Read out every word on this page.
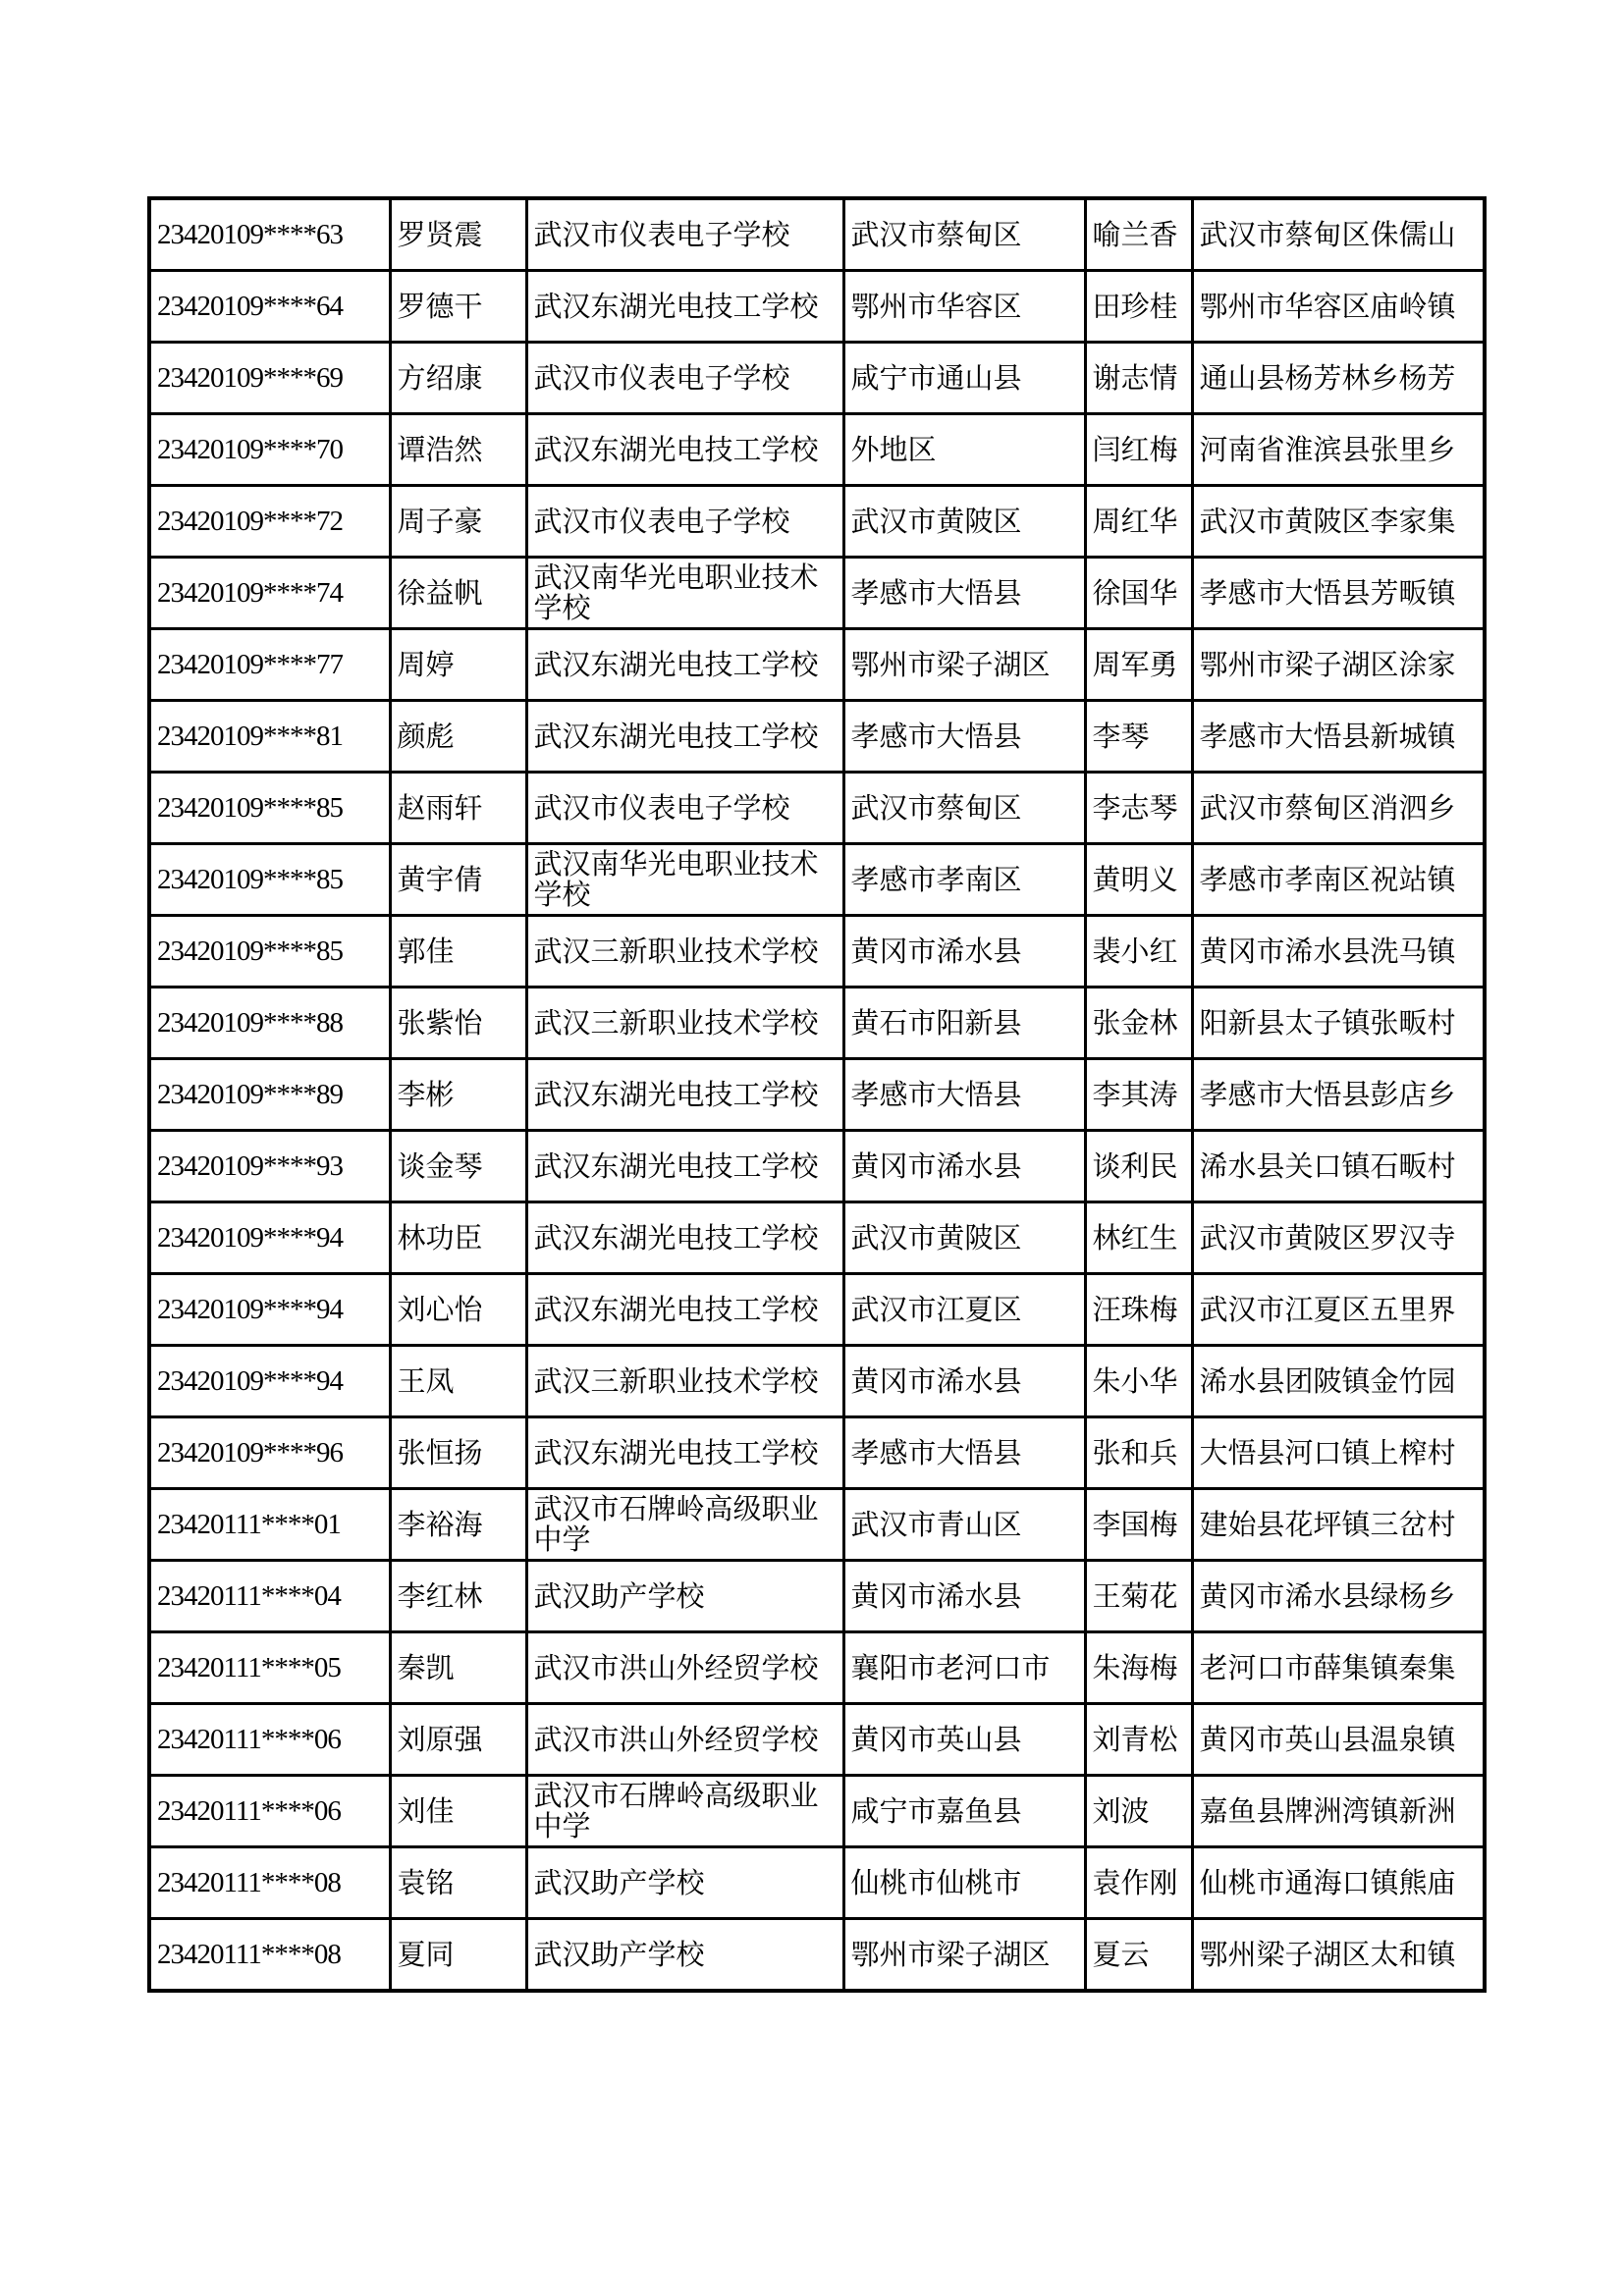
23420109****63	罗贤震	武汉市仪表电子学校	武汉市蔡甸区	喻兰香	武汉市蔡甸区侏儒山
23420109****64	罗德干	武汉东湖光电技工学校	鄂州市华容区	田珍桂	鄂州市华容区庙岭镇
23420109****69	方绍康	武汉市仪表电子学校	咸宁市通山县	谢志情	通山县杨芳林乡杨芳
23420109****70	谭浩然	武汉东湖光电技工学校	外地区	闫红梅	河南省淮滨县张里乡
23420109****72	周子豪	武汉市仪表电子学校	武汉市黄陂区	周红华	武汉市黄陂区李家集
23420109****74	徐益帆	武汉南华光电职业技术学校	孝感市大悟县	徐国华	孝感市大悟县芳畈镇
23420109****77	周婷	武汉东湖光电技工学校	鄂州市梁子湖区	周军勇	鄂州市梁子湖区涂家
23420109****81	颜彪	武汉东湖光电技工学校	孝感市大悟县	李琴	孝感市大悟县新城镇
23420109****85	赵雨轩	武汉市仪表电子学校	武汉市蔡甸区	李志琴	武汉市蔡甸区消泗乡
23420109****85	黄宇倩	武汉南华光电职业技术学校	孝感市孝南区	黄明义	孝感市孝南区祝站镇
23420109****85	郭佳	武汉三新职业技术学校	黄冈市浠水县	裴小红	黄冈市浠水县洗马镇
23420109****88	张紫怡	武汉三新职业技术学校	黄石市阳新县	张金林	阳新县太子镇张畈村
23420109****89	李彬	武汉东湖光电技工学校	孝感市大悟县	李其涛	孝感市大悟县彭店乡
23420109****93	谈金琴	武汉东湖光电技工学校	黄冈市浠水县	谈利民	浠水县关口镇石畈村
23420109****94	林功臣	武汉东湖光电技工学校	武汉市黄陂区	林红生	武汉市黄陂区罗汉寺
23420109****94	刘心怡	武汉东湖光电技工学校	武汉市江夏区	汪珠梅	武汉市江夏区五里界
23420109****94	王凤	武汉三新职业技术学校	黄冈市浠水县	朱小华	浠水县团陂镇金竹园
23420109****96	张恒扬	武汉东湖光电技工学校	孝感市大悟县	张和兵	大悟县河口镇上榨村
23420111****01	李裕海	武汉市石牌岭高级职业中学	武汉市青山区	李国梅	建始县花坪镇三岔村
23420111****04	李红林	武汉助产学校	黄冈市浠水县	王菊花	黄冈市浠水县绿杨乡
23420111****05	秦凯	武汉市洪山外经贸学校	襄阳市老河口市	朱海梅	老河口市薛集镇秦集
23420111****06	刘原强	武汉市洪山外经贸学校	黄冈市英山县	刘青松	黄冈市英山县温泉镇
23420111****06	刘佳	武汉市石牌岭高级职业中学	咸宁市嘉鱼县	刘波	嘉鱼县牌洲湾镇新洲
23420111****08	袁铭	武汉助产学校	仙桃市仙桃市	袁作刚	仙桃市通海口镇熊庙
23420111****08	夏同	武汉助产学校	鄂州市梁子湖区	夏云	鄂州梁子湖区太和镇
